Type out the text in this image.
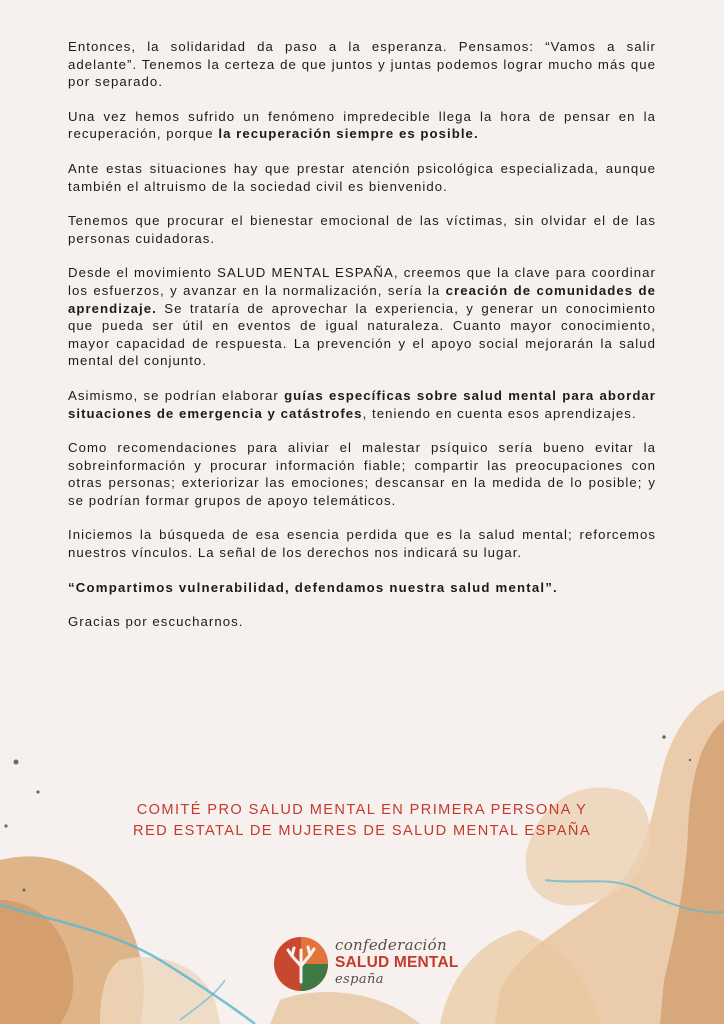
Entonces, la solidaridad da paso a la esperanza. Pensamos: “Vamos a salir adelante”. Tenemos la certeza de que juntos y juntas podemos lograr mucho más que por separado.

Una vez hemos sufrido un fenómeno impredecible llega la hora de pensar en la recuperación, porque la recuperación siempre es posible.

Ante estas situaciones hay que prestar atención psicológica especializada, aunque también el altruismo de la sociedad civil es bienvenido.

Tenemos que procurar el bienestar emocional de las víctimas, sin olvidar el de las personas cuidadoras.

Desde el movimiento SALUD MENTAL ESPAÑA, creemos que la clave para coordinar los esfuerzos, y avanzar en la normalización, sería la creación de comunidades de aprendizaje. Se trataría de aprovechar la experiencia, y generar un conocimiento que pueda ser útil en eventos de igual naturaleza. Cuanto mayor conocimiento, mayor capacidad de respuesta. La prevención y el apoyo social mejorarán la salud mental del conjunto.

Asimismo, se podrían elaborar guías específicas sobre salud mental para abordar situaciones de emergencia y catástrofes, teniendo en cuenta esos aprendizajes.

Como recomendaciones para aliviar el malestar psíquico sería bueno evitar la sobreinformación y procurar información fiable; compartir las preocupaciones con otras personas; exteriorizar las emociones; descansar en la medida de lo posible; y se podrían formar grupos de apoyo telemáticos.

Iniciemos la búsqueda de esa esencia perdida que es la salud mental; reforcemos nuestros vínculos. La señal de los derechos nos indicará su lugar.

“Compartimos vulnerabilidad, defendamos nuestra salud mental”.

Gracias por escucharnos.

COMITÉ PRO SALUD MENTAL EN PRIMERA PERSONA Y
RED ESTATAL DE MUJERES DE SALUD MENTAL ESPAÑA
confederación
SALUD MENTAL
españa
